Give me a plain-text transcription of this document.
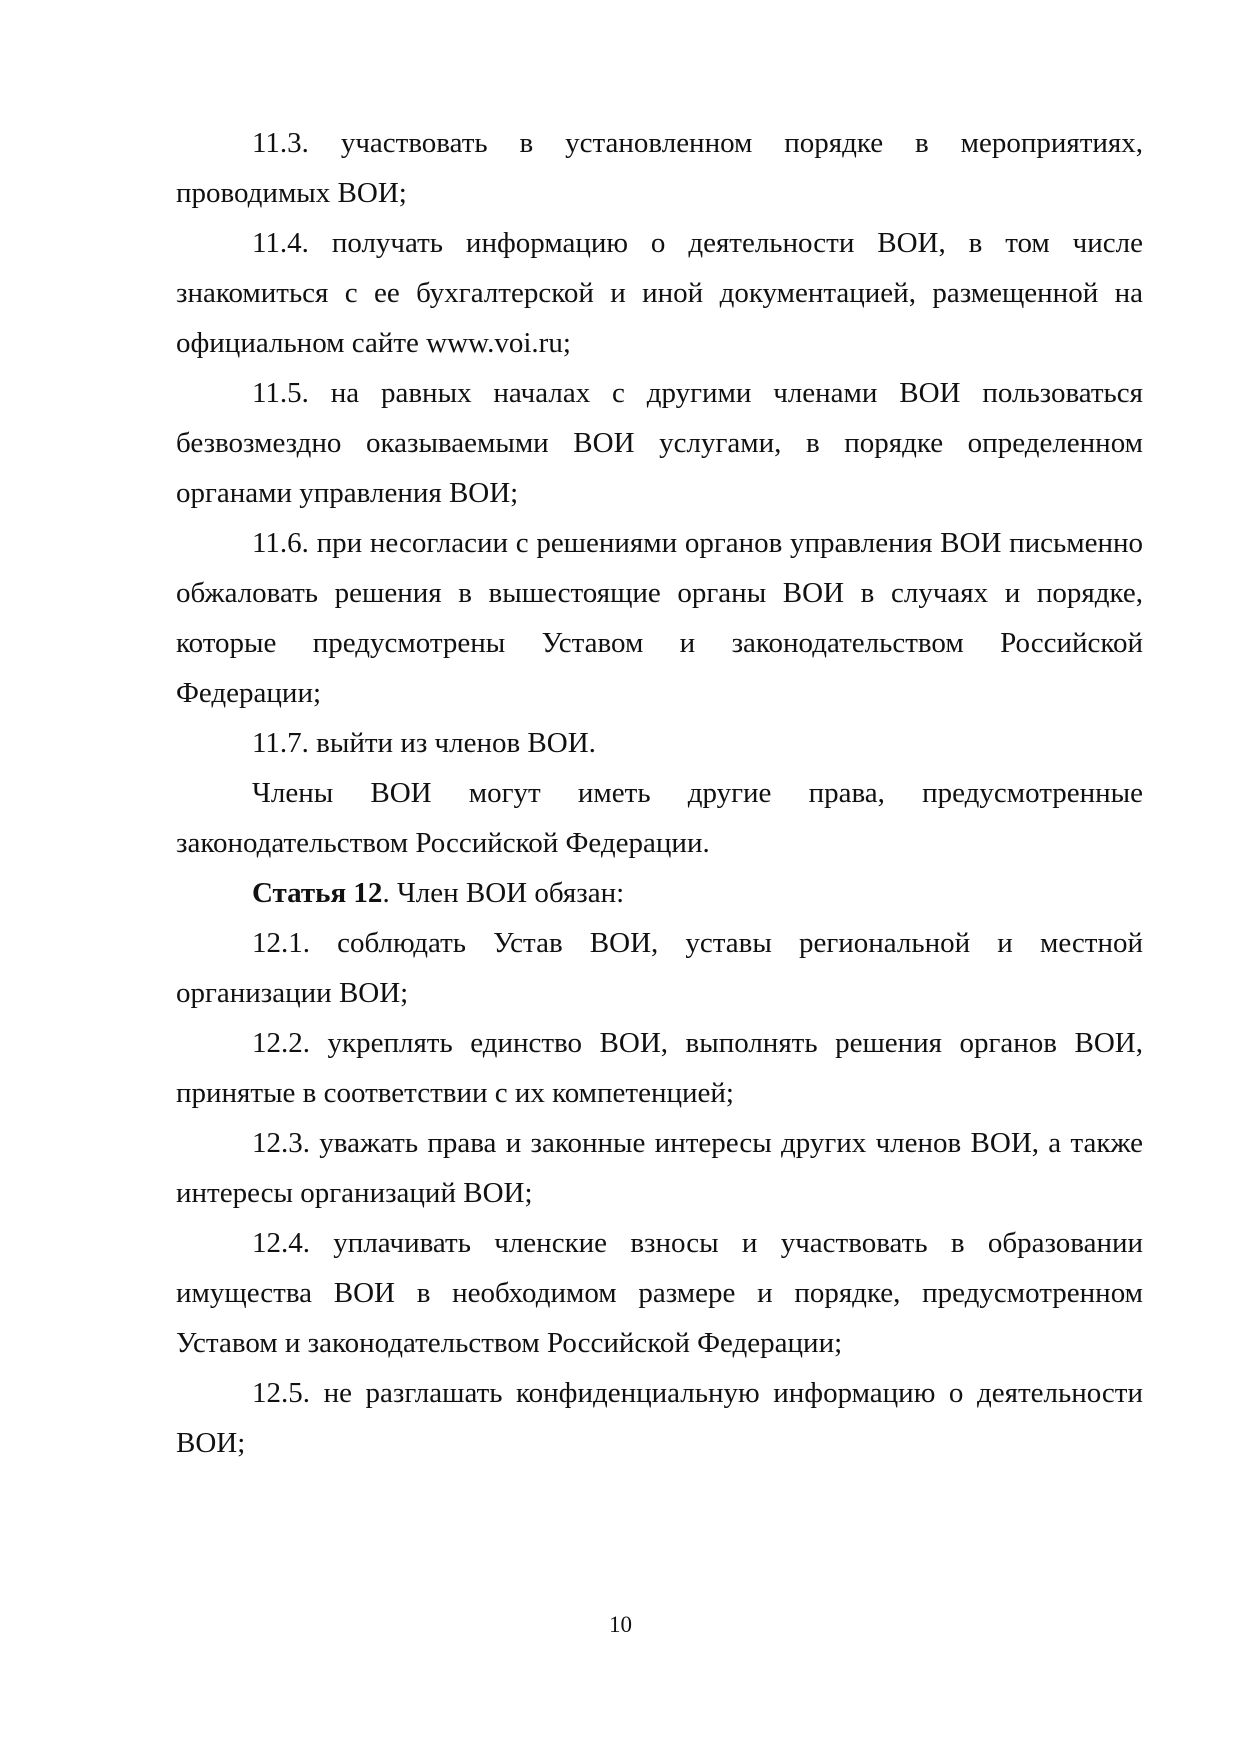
11.3. участвовать в установленном порядке в мероприятиях, проводимых ВОИ;

11.4. получать информацию о деятельности ВОИ, в том числе знакомиться с ее бухгалтерской и иной документацией, размещенной на официальном сайте www.voi.ru;

11.5. на равных началах с другими членами ВОИ пользоваться безвозмездно оказываемыми ВОИ услугами, в порядке определенном органами управления ВОИ;

11.6. при несогласии с решениями органов управления ВОИ письменно обжаловать решения в вышестоящие органы ВОИ в случаях и порядке, которые предусмотрены Уставом и законодательством Российской Федерации;

11.7. выйти из членов ВОИ.

Члены ВОИ могут иметь другие права, предусмотренные законодательством Российской Федерации.

Статья 12. Член ВОИ обязан:

12.1. соблюдать Устав ВОИ, уставы региональной и местной организации ВОИ;

12.2. укреплять единство ВОИ, выполнять решения органов ВОИ, принятые в соответствии с их компетенцией;

12.3. уважать права и законные интересы других членов ВОИ, а также интересы организаций ВОИ;

12.4. уплачивать членские взносы и участвовать в образовании имущества ВОИ в необходимом размере и порядке, предусмотренном Уставом и законодательством Российской Федерации;

12.5. не разглашать конфиденциальную информацию о деятельности ВОИ;

10
